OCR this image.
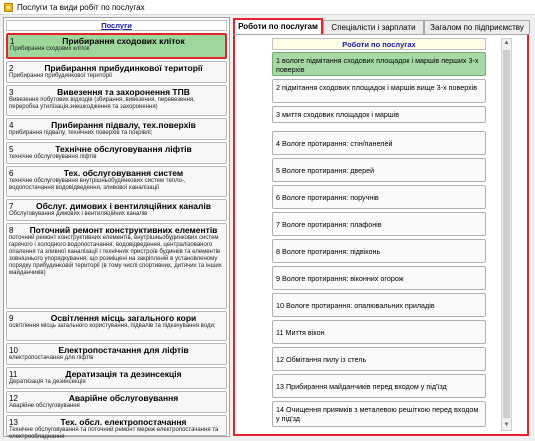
Послуги та види робіт по послугах
Послуги
1	Прибирання сходових кліток
Прибирання сходових кліток
2	Прибирання прибудинкової території
Прибирання прибудинкової території
3	Вивезення та захоронення ТПВ
Вивезення побутових відходів (збирання, вивезення, перевезення, переробка утилізація,знешкодження та захоронення)
4	Прибирання підвалу, тех.поверхів
прибирання підвалу, технічних поверхів та покрівлі;
5	Технічне обслуговування ліфтів
технічне обслуговування ліфтів
6	Тех. обслуговування систем
технічне обслуговування внутрішньобудинкових систем тепло-, водопостачання водовідведення, зливової каналізації
7	Обслуг. димових і вентиляційних каналів
Обслуговування димових і вентиляційних каналів
8	Поточний ремонт конструктивних елементів
поточний ремонт конструктивних елементів, внутрішньобудинкових систем гарячого і холодного водопостачання, водовідведення, централізованого опалення та зливної каналізації і технічних пристроїв будинків та елементів зовнішнього упорядкування, що розміщені на закріпленій в установленому порядку прибудинковій території (в тому числі спортивних, дитячих та інших майданчиків)
9	Освітлення місць загального кори
освітлення місць загального користування, підвалів та підкачування води;
10	Електропостачання для ліфтів
електропостачання для ліфтів
11	Дератизація та дезинсекція
Дератизація та дезинсекція
12	Аварійне обслуговування
Аварійне обслуговування
13	Тех. обсл. електропостачання
Технічне обслуговування та поточний ремонт мереж електропостачання та електрообладнання
Роботи по послугам	Спеціалісти і зарплати	Загалом по підприємству
Роботи по послугах
1 вологе підмітання сходових площадок і маршів перших 3-х поверхів
2 підмітання сходових площадок і маршів вище 3-х поверхів
3 миття сходових площадок і маршів
4 Вологе протирання: стін/панелей
5 Вологе протирання: дверей
6 Вологе протирання: поручнів
7 Вологе протирання: плафонів
8 Вологе протирання: підвіконь
9 Вологе протирання: віконних огорож
10 Вологе протирання: опалювальних приладів
11 Миття вікон
12 Обмітання пилу із стель
13 Прибирання майданчиків перед входом у під'їзд
14 Очищення приямків з металевою решіткою перед входом у під'зд
▲
▼
